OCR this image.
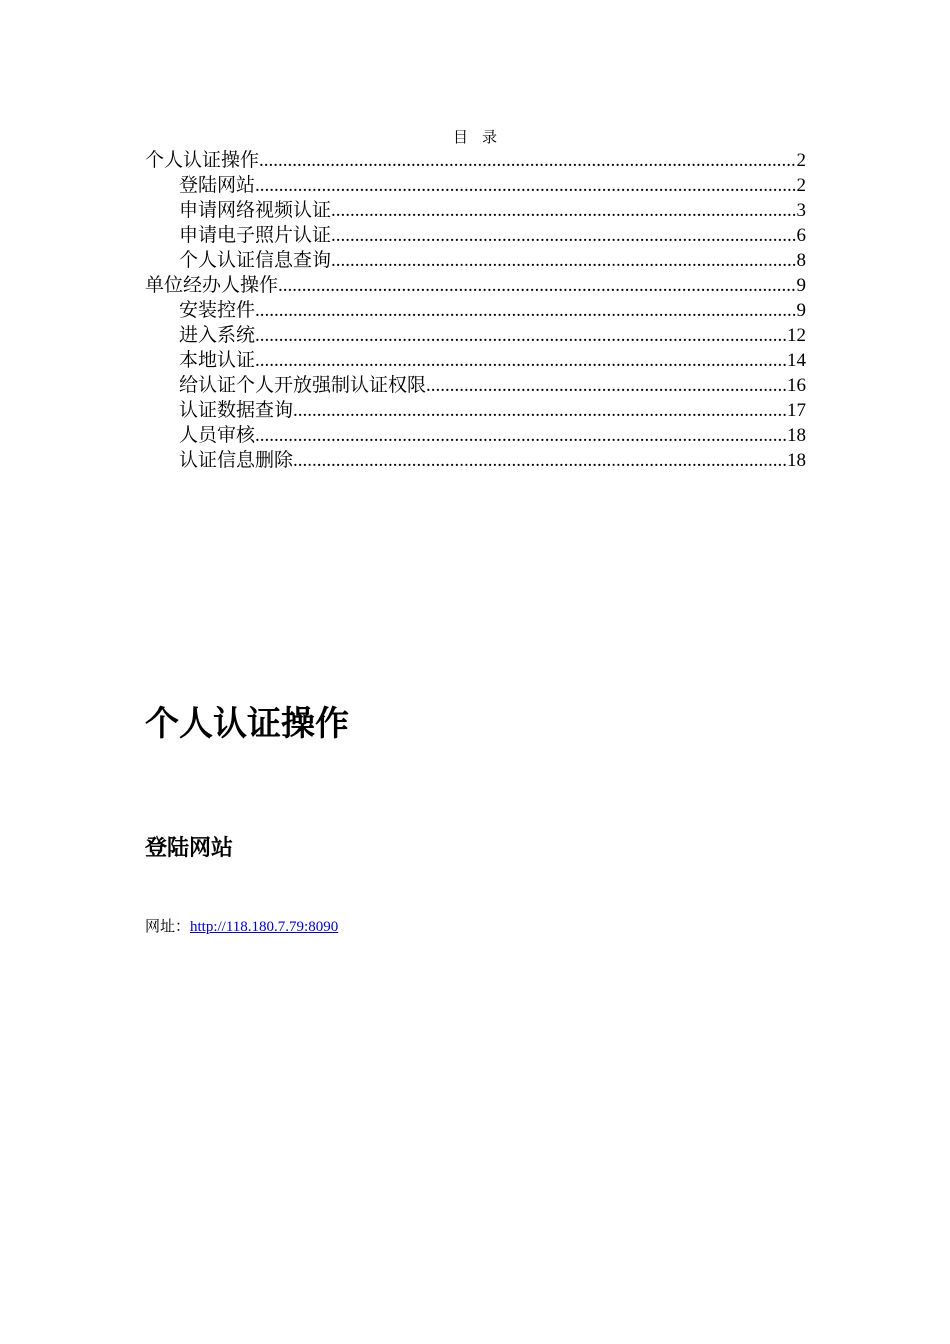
目录
个人认证操作 .....	2
登陆网站 .....	2
申请网络视频认证 .....	3
申请电子照片认证 .....	6
个人认证信息查询 .....	8
单位经办人操作 .....	9
安装控件 .....	9
进入系统 .....	12
本地认证 .....	14
给认证个人开放强制认证权限 .....	16
认证数据查询 .....	17
人员审核 .....	18
认证信息删除 .....	18
个人认证操作
登陆网站
网址：http://118.180.7.79:8090
